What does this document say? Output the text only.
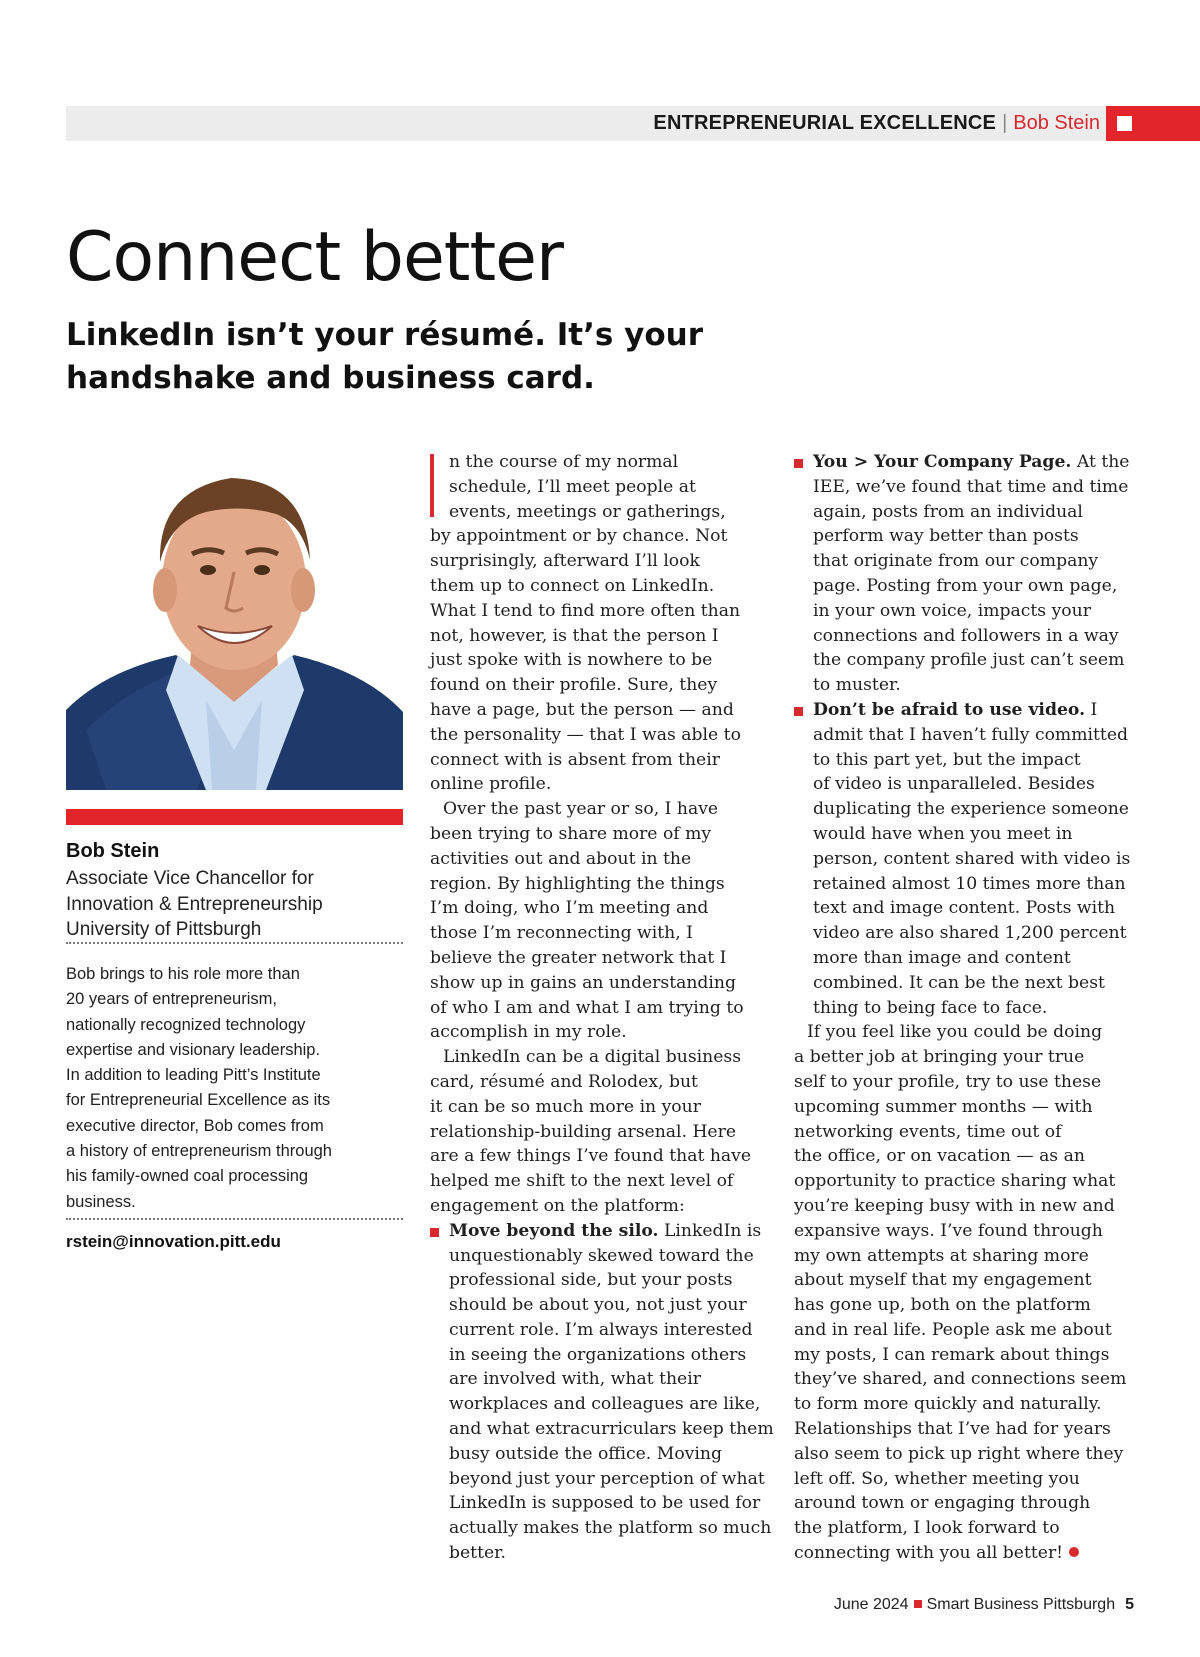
ENTREPRENEURIAL EXCELLENCE | Bob Stein
Connect better
LinkedIn isn’t your résumé. It’s your handshake and business card.
Bob Stein
Associate Vice Chancellor for
Innovation & Entrepreneurship
University of Pittsburgh
Bob brings to his role more than
20 years of entrepreneurism,
nationally recognized technology
expertise and visionary leadership.
In addition to leading Pitt’s Institute
for Entrepreneurial Excellence as its
executive director, Bob comes from
a history of entrepreneurism through
his family-owned coal processing
business.
rstein@innovation.pitt.edu
n the course of my normal
schedule, I’ll meet people at
events, meetings or gatherings,
by appointment or by chance. Not
surprisingly, afterward I’ll look
them up to connect on LinkedIn.
What I tend to find more often than
not, however, is that the person I
just spoke with is nowhere to be
found on their profile. Sure, they
have a page, but the person — and
the personality — that I was able to
connect with is absent from their
online profile.
Over the past year or so, I have
been trying to share more of my
activities out and about in the
region. By highlighting the things
I’m doing, who I’m meeting and
those I’m reconnecting with, I
believe the greater network that I
show up in gains an understanding
of who I am and what I am trying to
accomplish in my role.
LinkedIn can be a digital business
card, résumé and Rolodex, but
it can be so much more in your
relationship-building arsenal. Here
are a few things I’ve found that have
helped me shift to the next level of
engagement on the platform:
Move beyond the silo. LinkedIn is
unquestionably skewed toward the
professional side, but your posts
should be about you, not just your
current role. I’m always interested
in seeing the organizations others
are involved with, what their
workplaces and colleagues are like,
and what extracurriculars keep them
busy outside the office. Moving
beyond just your perception of what
LinkedIn is supposed to be used for
actually makes the platform so much
better.
You > Your Company Page. At the
IEE, we’ve found that time and time
again, posts from an individual
perform way better than posts
that originate from our company
page. Posting from your own page,
in your own voice, impacts your
connections and followers in a way
the company profile just can’t seem
to muster.
Don’t be afraid to use video. I
admit that I haven’t fully committed
to this part yet, but the impact
of video is unparalleled. Besides
duplicating the experience someone
would have when you meet in
person, content shared with video is
retained almost 10 times more than
text and image content. Posts with
video are also shared 1,200 percent
more than image and content
combined. It can be the next best
thing to being face to face.
If you feel like you could be doing
a better job at bringing your true
self to your profile, try to use these
upcoming summer months — with
networking events, time out of
the office, or on vacation — as an
opportunity to practice sharing what
you’re keeping busy with in new and
expansive ways. I’ve found through
my own attempts at sharing more
about myself that my engagement
has gone up, both on the platform
and in real life. People ask me about
my posts, I can remark about things
they’ve shared, and connections seem
to form more quickly and naturally.
Relationships that I’ve had for years
also seem to pick up right where they
left off. So, whether meeting you
around town or engaging through
the platform, I look forward to
connecting with you all better!
June 2024 Smart Business Pittsburgh 5
